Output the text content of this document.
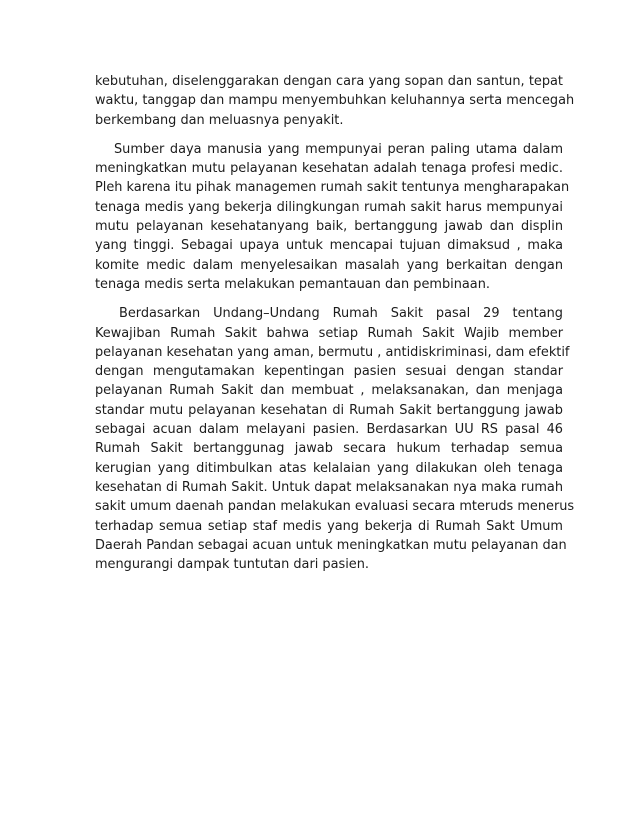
kebutuhan, diselenggarakan dengan cara yang sopan dan santun, tepat
waktu, tanggap dan mampu menyembuhkan keluhannya serta mencegah
berkembang dan meluasnya penyakit.
Sumber daya manusia yang mempunyai peran paling utama dalam
meningkatkan mutu pelayanan kesehatan adalah tenaga profesi medic.
Pleh karena itu pihak managemen rumah sakit tentunya mengharapakan
tenaga medis yang bekerja dilingkungan rumah sakit harus mempunyai
mutu pelayanan kesehatanyang baik, bertanggung jawab dan displin
yang tinggi. Sebagai upaya untuk mencapai tujuan dimaksud , maka
komite medic dalam menyelesaikan masalah yang berkaitan dengan
tenaga medis serta melakukan pemantauan dan pembinaan.
Berdasarkan Undang–Undang Rumah Sakit pasal 29 tentang
Kewajiban Rumah Sakit bahwa setiap Rumah Sakit Wajib member
pelayanan kesehatan yang aman, bermutu , antidiskriminasi, dam efektif
dengan mengutamakan kepentingan pasien sesuai dengan standar
pelayanan Rumah Sakit dan membuat , melaksanakan, dan menjaga
standar mutu pelayanan kesehatan di Rumah Sakit bertanggung jawab
sebagai acuan dalam melayani pasien. Berdasarkan UU RS pasal 46
Rumah Sakit bertanggunag jawab secara hukum terhadap semua
kerugian yang ditimbulkan atas kelalaian yang dilakukan oleh tenaga
kesehatan di Rumah Sakit. Untuk dapat melaksanakan nya maka rumah
sakit umum daenah pandan melakukan evaluasi secara mteruds menerus
terhadap semua setiap staf medis yang bekerja di Rumah Sakt Umum
Daerah Pandan sebagai acuan untuk meningkatkan mutu pelayanan dan
mengurangi dampak tuntutan dari pasien.
